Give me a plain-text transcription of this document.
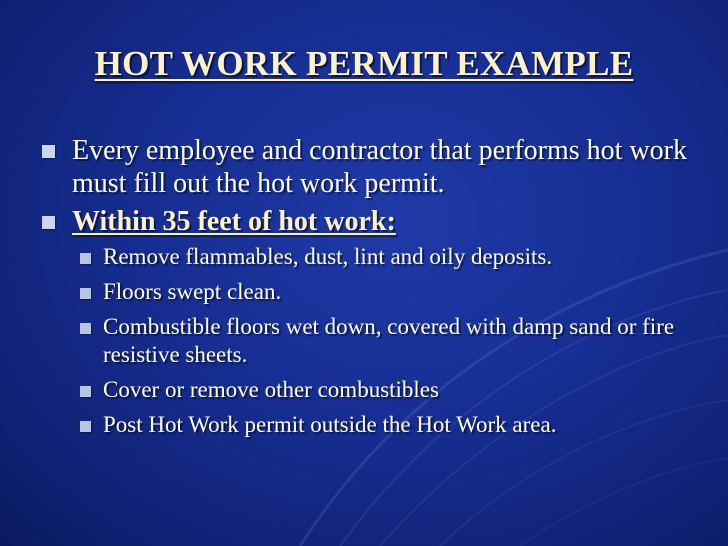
HOT WORK PERMIT EXAMPLE
Every employee and contractor that performs hot work must fill out the hot work permit.
Within 35 feet of hot work:
Remove flammables, dust, lint and oily deposits.
Floors swept clean.
Combustible floors wet down, covered with damp sand or fire resistive sheets.
Cover or remove other combustibles
Post Hot Work permit outside the Hot Work area.
